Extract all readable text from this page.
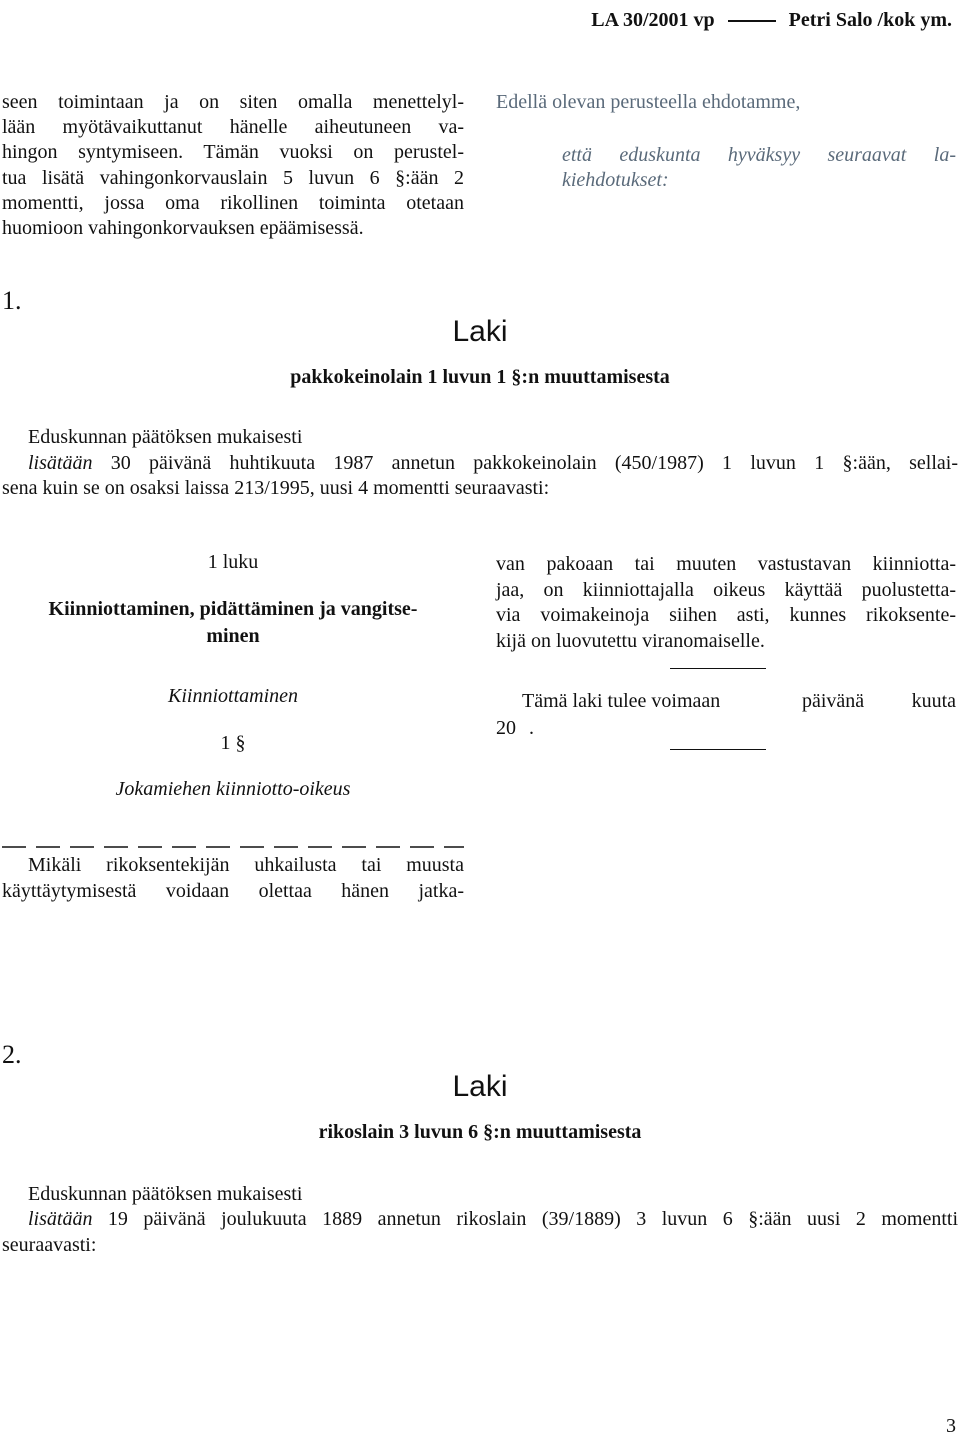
LA 30/2001 vp	Petri Salo /kok ym.
seen toimintaan ja on siten omalla menettelyl-
lään myötävaikuttanut hänelle aiheutuneen va-
hingon syntymiseen. Tämän vuoksi on perustel-
tua lisätä vahingonkorvauslain 5 luvun 6 §:ään 2
momentti, jossa oma rikollinen toiminta otetaan
huomioon vahingonkorvauksen epäämisessä.
Edellä olevan perusteella ehdotamme,
että eduskunta hyväksyy seuraavat la-
kiehdotukset:
1.
Laki
pakkokeinolain 1 luvun 1 §:n muuttamisesta
Eduskunnan päätöksen mukaisesti
lisätään 30 päivänä huhtikuuta 1987 annetun pakkokeinolain (450/1987) 1 luvun 1 §:ään, sellai-
sena kuin se on osaksi laissa 213/1995, uusi 4 momentti seuraavasti:
1 luku
Kiinniottaminen, pidättäminen ja vangitse-
minen
Kiinniottaminen
1 §
Jokamiehen kiinniotto-oikeus
Mikäli rikoksentekijän uhkailusta tai muusta
käyttäytymisestä voidaan olettaa hänen jatka-
van pakoaan tai muuten vastustavan kiinniotta-
jaa, on kiinniottajalla oikeus käyttää puolustetta-
via voimakeinoja siihen asti, kunnes rikoksente-
kijä on luovutettu viranomaiselle.
Tämä laki tulee voimaan	päivänä kuuta
20 .
2.
Laki
rikoslain 3 luvun 6 §:n muuttamisesta
Eduskunnan päätöksen mukaisesti
lisätään 19 päivänä joulukuuta 1889 annetun rikoslain (39/1889) 3 luvun 6 §:ään uusi 2 momentti
seuraavasti:
3
